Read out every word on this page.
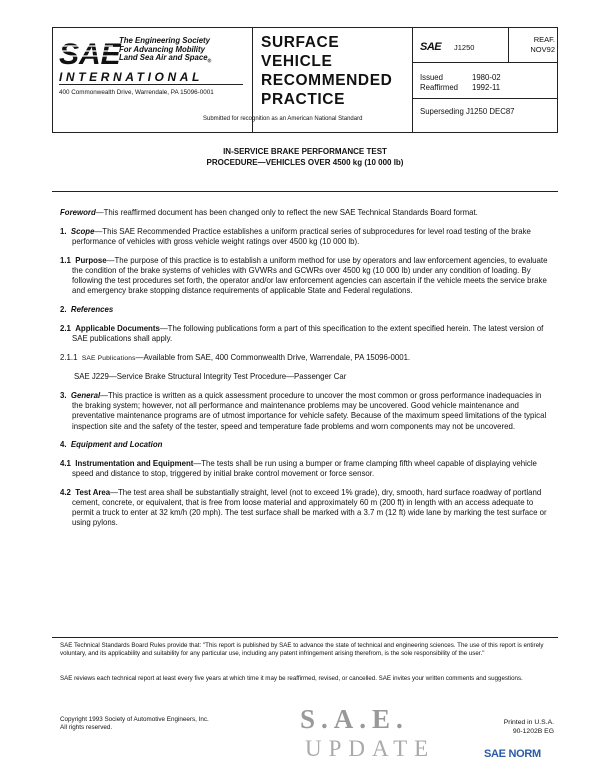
SAE
The Engineering Society
For Advancing Mobility
Land Sea Air and Space$_®$
INTERNATIONAL
400 Commonwealth Drive, Warrendale, PA 15096-0001
SURFACE
VEHICLE
RECOMMENDED
PRACTICE
Submitted for recognition as an American National Standard
SAE J1250
REAF.
NOV92
Issued	1980-02
Reaffirmed 1992-11
Superseding J1250 DEC87
IN-SERVICE BRAKE PERFORMANCE TEST
PROCEDURE—VEHICLES OVER 4500 kg (10 000 lb)
Foreword—This reaffirmed document has been changed only to reflect the new SAE Technical Standards Board format.
1. Scope—This SAE Recommended Practice establishes a uniform practical series of subprocedures for level road testing of the brake performance of vehicles with gross vehicle weight ratings over 4500 kg (10 000 lb).
1.1 Purpose—The purpose of this practice is to establish a uniform method for use by operators and law enforcement agencies, to evaluate the condition of the brake systems of vehicles with GVWRs and GCWRs over 4500 kg (10 000 lb) under any condition of loading. By following the test procedures set forth, the operator and/or law enforcement agencies can ascertain if the vehicle meets the service brake and emergency brake stopping distance requirements of applicable State and Federal regulations.
2. References
2.1 Applicable Documents—The following publications form a part of this specification to the extent specified herein. The latest version of SAE publications shall apply.
2.1.1 SAE Publications—Available from SAE, 400 Commonwealth Drive, Warrendale, PA 15096-0001.
SAE J229—Service Brake Structural Integrity Test Procedure—Passenger Car
3. General—This practice is written as a quick assessment procedure to uncover the most common or gross performance inadequacies in the braking system; however, not all performance and maintenance problems may be uncovered. Good vehicle maintenance and preventative maintenance programs are of utmost importance for vehicle safety. Because of the maximum speed limitations of the typical inspection site and the safety of the tester, speed and temperature fade problems and worn components may not be uncovered.
4. Equipment and Location
4.1 Instrumentation and Equipment—The tests shall be run using a bumper or frame clamping fifth wheel capable of displaying vehicle speed and distance to stop, triggered by initial brake control movement or force sensor.
4.2 Test Area—The test area shall be substantially straight, level (not to exceed 1% grade), dry, smooth, hard surface roadway of portland cement, concrete, or equivalent, that is free from loose material and approximately 60 m (200 ft) in length with an access adequate to permit a truck to enter at 32 km/h (20 mph). The test surface shall be marked with a 3.7 m (12 ft) wide lane by marking the test surface or using pylons.
SAE Technical Standards Board Rules provide that: "This report is published by SAE to advance the state of technical and engineering sciences. The use of this report is entirely voluntary, and its applicability and suitability for any particular use, including any patent infringement arising therefrom, is the sole responsibility of the user."
SAE reviews each technical report at least every five years at which time it may be reaffirmed, revised, or cancelled. SAE invites your written comments and suggestions.
Copyright 1993 Society of Automotive Engineers, Inc.
All rights reserved.	S.A.E.
UPDATE
Printed in U.S.A.
90-1202B EG
SAE NORM
